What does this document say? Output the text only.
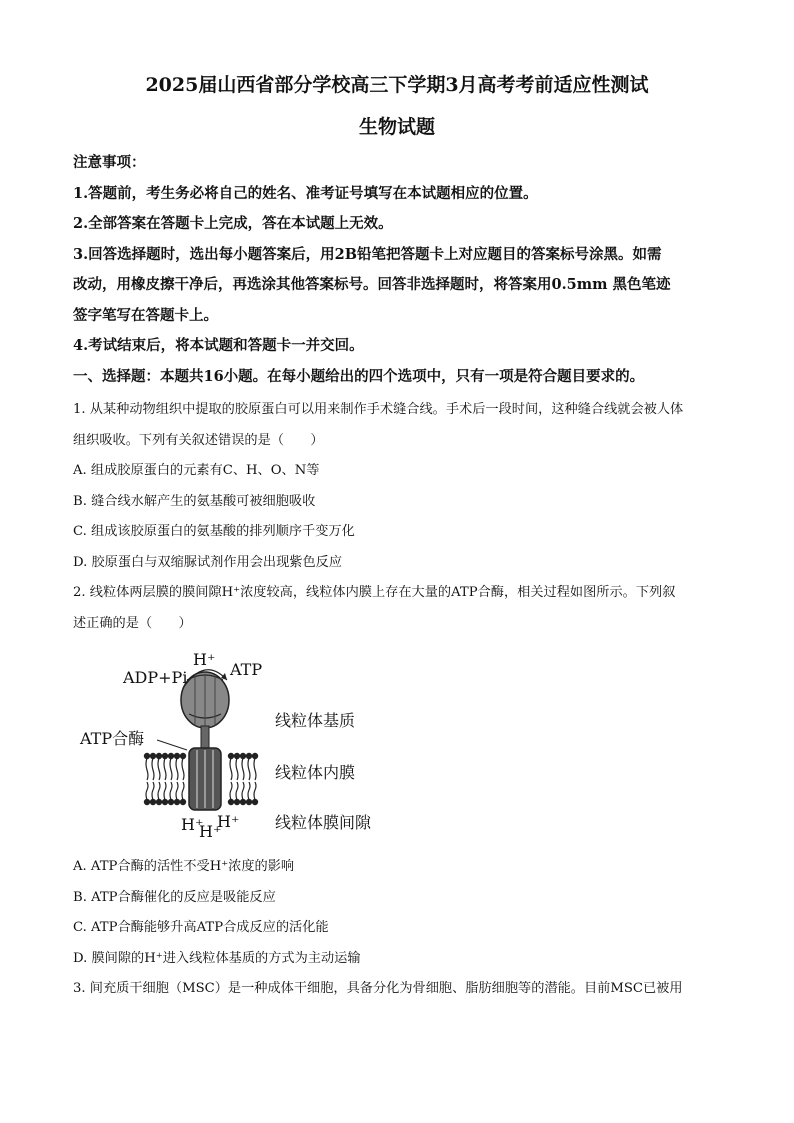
2025届山西省部分学校高三下学期3月高考考前适应性测试
生物试题

注意事项：

1.答题前，考生务必将自己的姓名、准考证号填写在本试题相应的位置。

2.全部答案在答题卡上完成，答在本试题上无效。

3.回答选择题时，选出每小题答案后，用2B铅笔把答题卡上对应题目的答案标号涂黑。如需

改动，用橡皮擦干净后，再选涂其他答案标号。回答非选择题时，将答案用0.5mm 黑色笔迹

签字笔写在答题卡上。

4.考试结束后，将本试题和答题卡一并交回。

一、选择题：本题共16小题。在每小题给出的四个选项中，只有一项是符合题目要求的。

1. 从某种动物组织中提取的胶原蛋白可以用来制作手术缝合线。手术后一段时间，这种缝合线就会被人体

组织吸收。下列有关叙述错误的是（　　）

A. 组成胶原蛋白的元素有C、H、O、N等

B. 缝合线水解产生的氨基酸可被细胞吸收

C. 组成该胶原蛋白的氨基酸的排列顺序千变万化

D. 胶原蛋白与双缩脲试剂作用会出现紫色反应

2. 线粒体两层膜的膜间隙H⁺浓度较高，线粒体内膜上存在大量的ATP合酶，相关过程如图所示。下列叙

述正确的是（　　）

H⁺
ADP+Pi	ATP
ATP合酶
线粒体基质
线粒体内膜
线粒体膜间隙
H⁺
H⁺
H⁺

A. ATP合酶的活性不受H⁺浓度的影响

B. ATP合酶催化的反应是吸能反应

C. ATP合酶能够升高ATP合成反应的活化能

D. 膜间隙的H⁺进入线粒体基质的方式为主动运输

3. 间充质干细胞（MSC）是一种成体干细胞，具备分化为骨细胞、脂肪细胞等的潜能。目前MSC已被用
